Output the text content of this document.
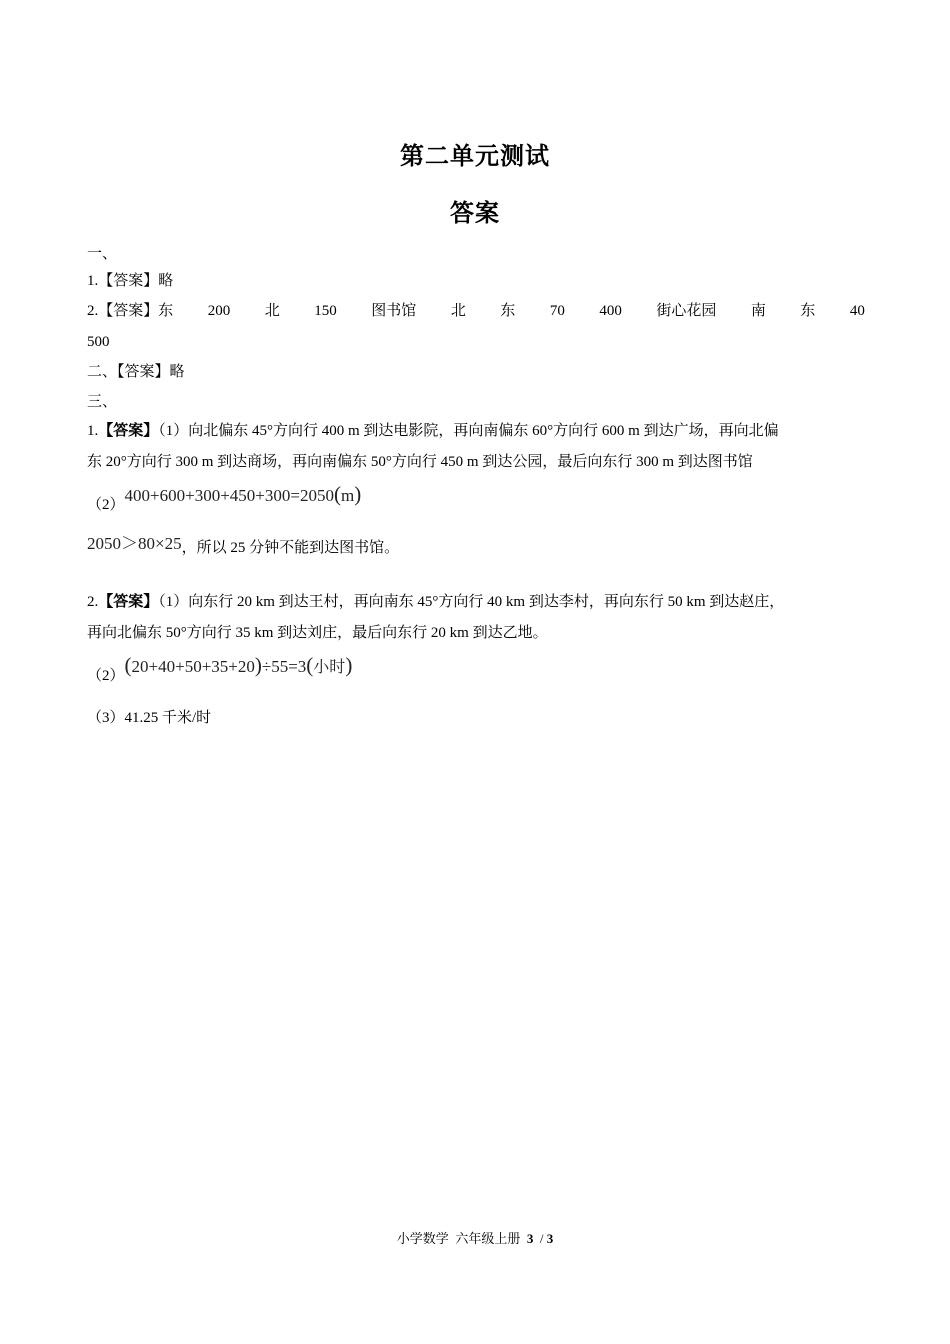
第二单元测试
答案
一、
1.【答案】略
2.【答案】东 200 北 150 图书馆 北 东 70 400 街心花园 南 东 40
500
二、【答案】略
三、
1.【答案】（1）向北偏东 45°方向行 400 m 到达电影院，再向南偏东 60°方向行 600 m 到达广场，再向北偏
东 20°方向行 300 m 到达商场，再向南偏东 50°方向行 450 m 到达公园，最后向东行 300 m 到达图书馆
（2）400+600+300+450+300=2050(m)
2050＞80×25，所以 25 分钟不能到达图书馆。
2.【答案】（1）向东行 20 km 到达王村，再向南东 45°方向行 40 km 到达李村，再向东行 50 km 到达赵庄，
再向北偏东 50°方向行 35 km 到达刘庄，最后向东行 20 km 到达乙地。
（2）(20+40+50+35+20)÷55=3(小时)
（3）41.25 千米/时
小学数学 六年级上册 3 / 3
